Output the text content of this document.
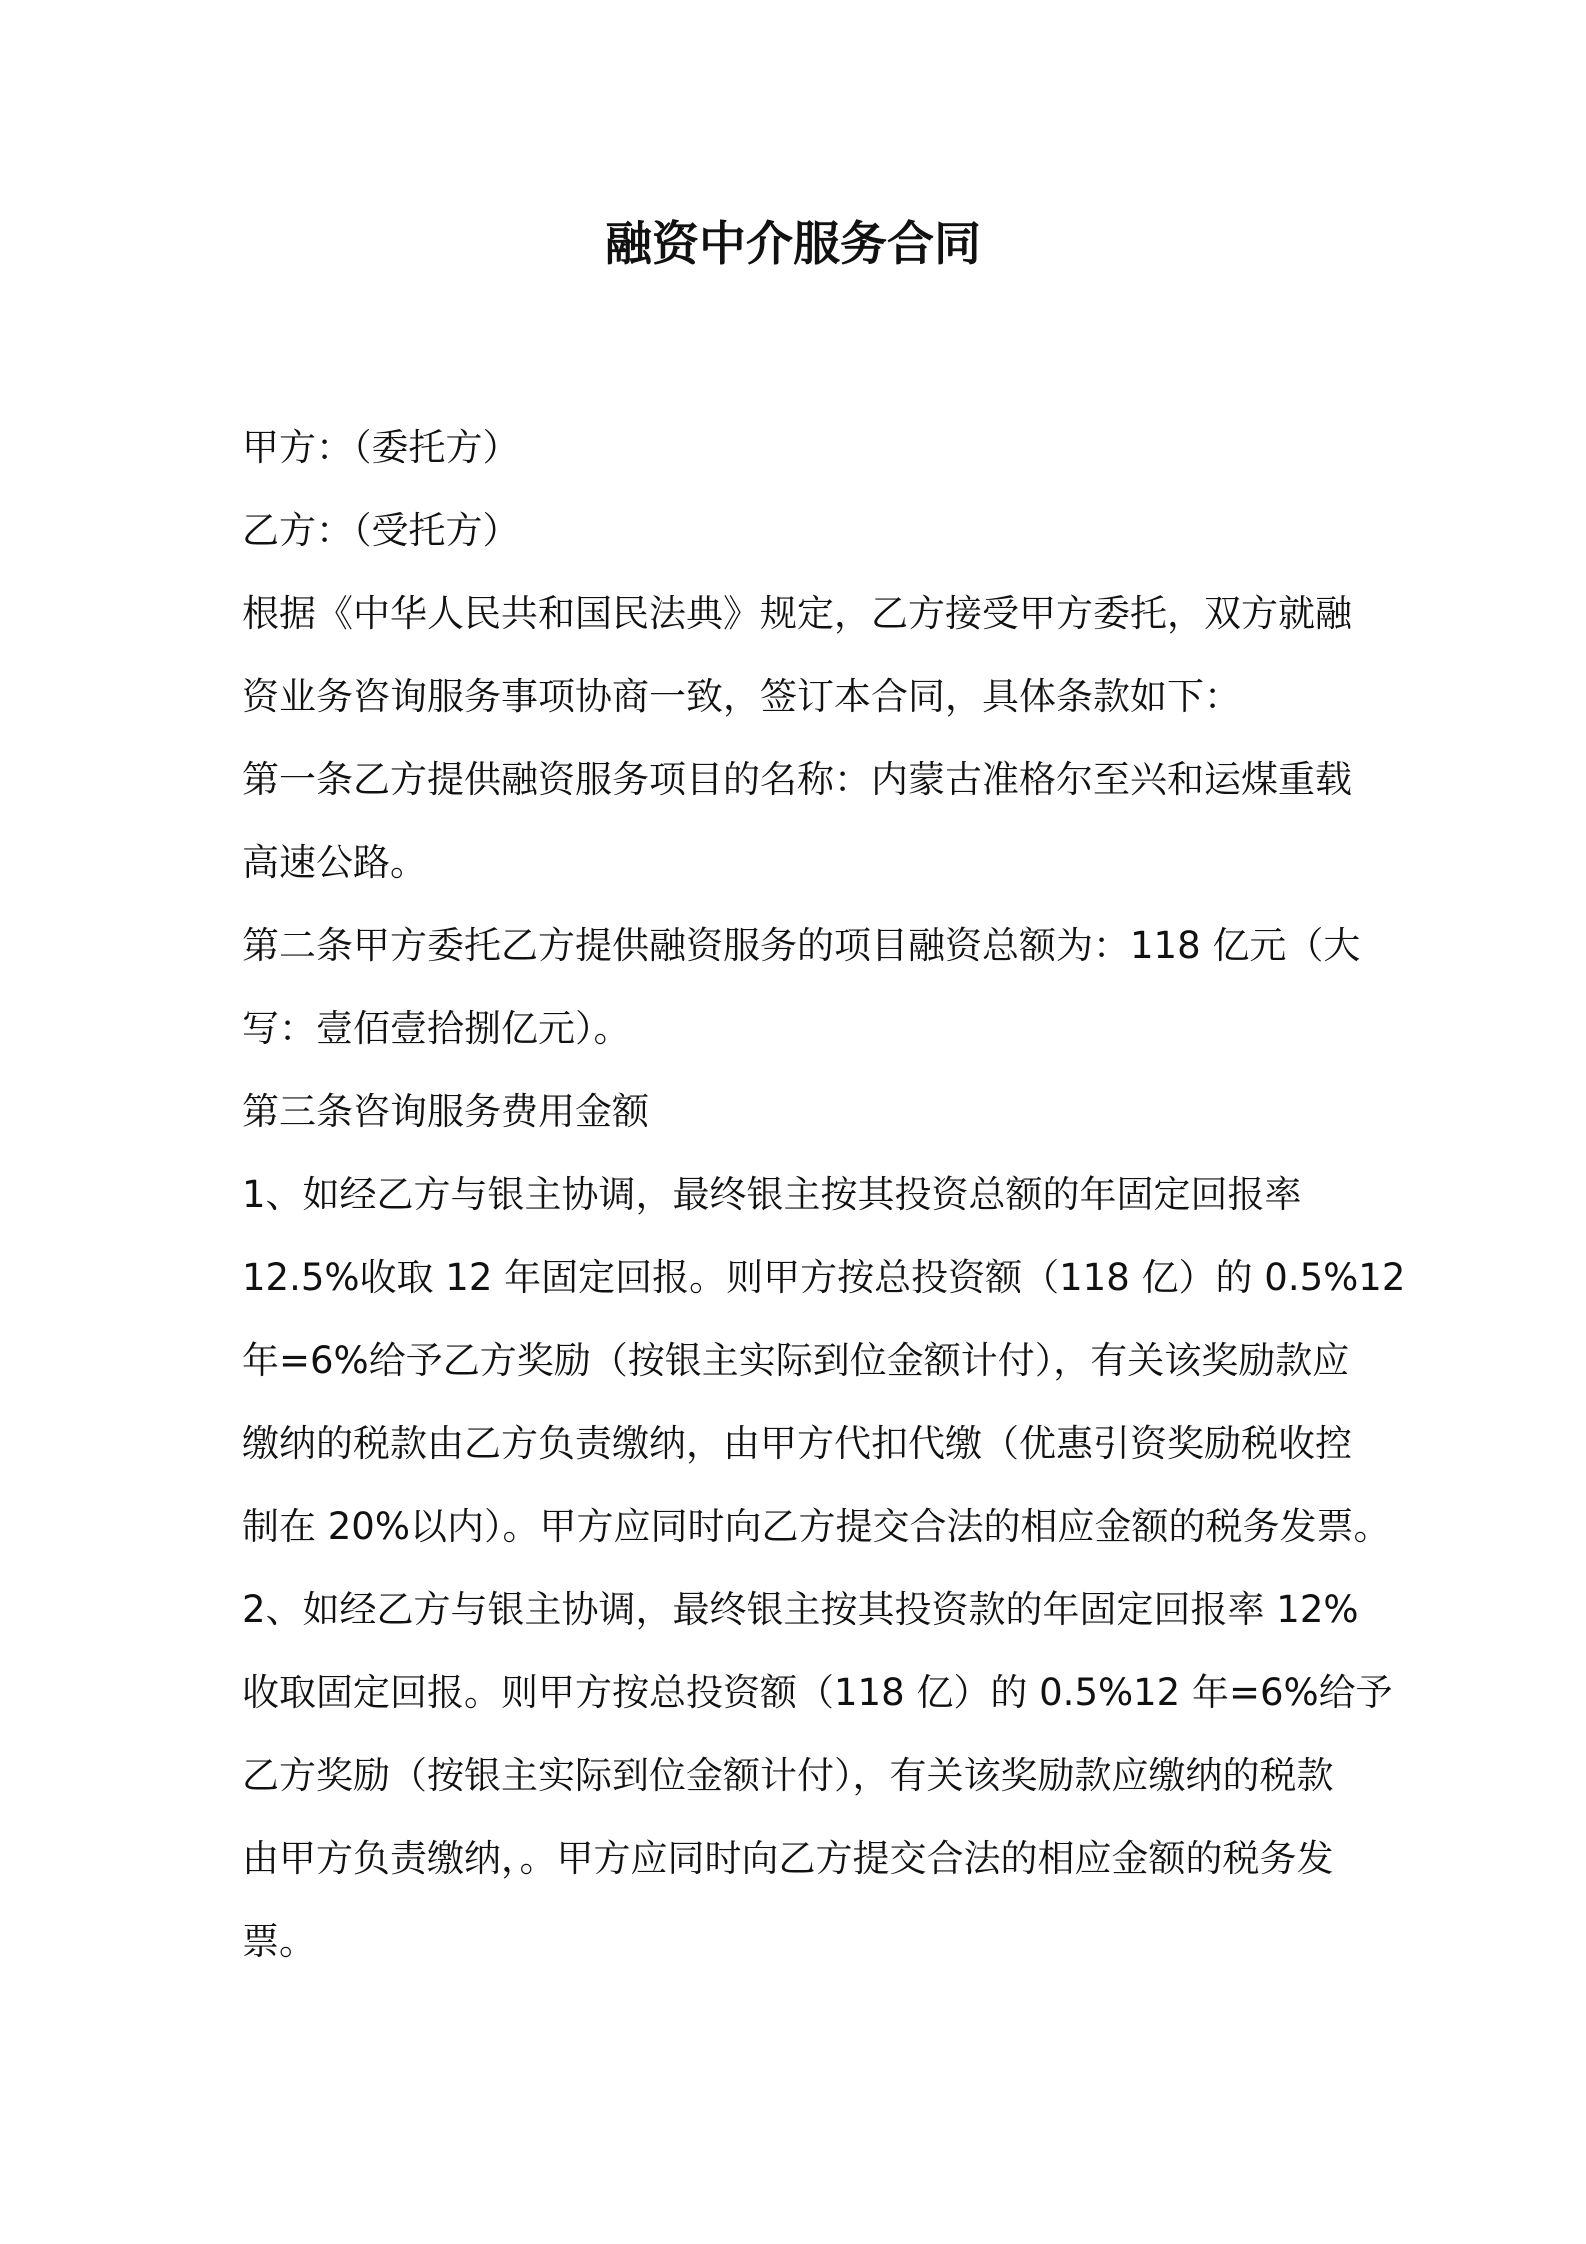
融资中介服务合同
甲方：（委托方）
乙方：（受托方）
根据《中华人民共和国民法典》规定，乙方接受甲方委托，双方就融
资业务咨询服务事项协商一致，签订本合同，具体条款如下：
第一条乙方提供融资服务项目的名称：内蒙古准格尔至兴和运煤重载
高速公路。
第二条甲方委托乙方提供融资服务的项目融资总额为：118 亿元（大
写：壹佰壹拾捌亿元）。
第三条咨询服务费用金额
1、如经乙方与银主协调，最终银主按其投资总额的年固定回报率
12.5%收取 12 年固定回报。则甲方按总投资额（118 亿）的 0.5%12
年=6%给予乙方奖励（按银主实际到位金额计付），有关该奖励款应
缴纳的税款由乙方负责缴纳，由甲方代扣代缴（优惠引资奖励税收控
制在 20%以内）。甲方应同时向乙方提交合法的相应金额的税务发票。
2、如经乙方与银主协调，最终银主按其投资款的年固定回报率 12%
收取固定回报。则甲方按总投资额（118 亿）的 0.5%12 年=6%给予
乙方奖励（按银主实际到位金额计付），有关该奖励款应缴纳的税款
由甲方负责缴纳，。甲方应同时向乙方提交合法的相应金额的税务发
票。
